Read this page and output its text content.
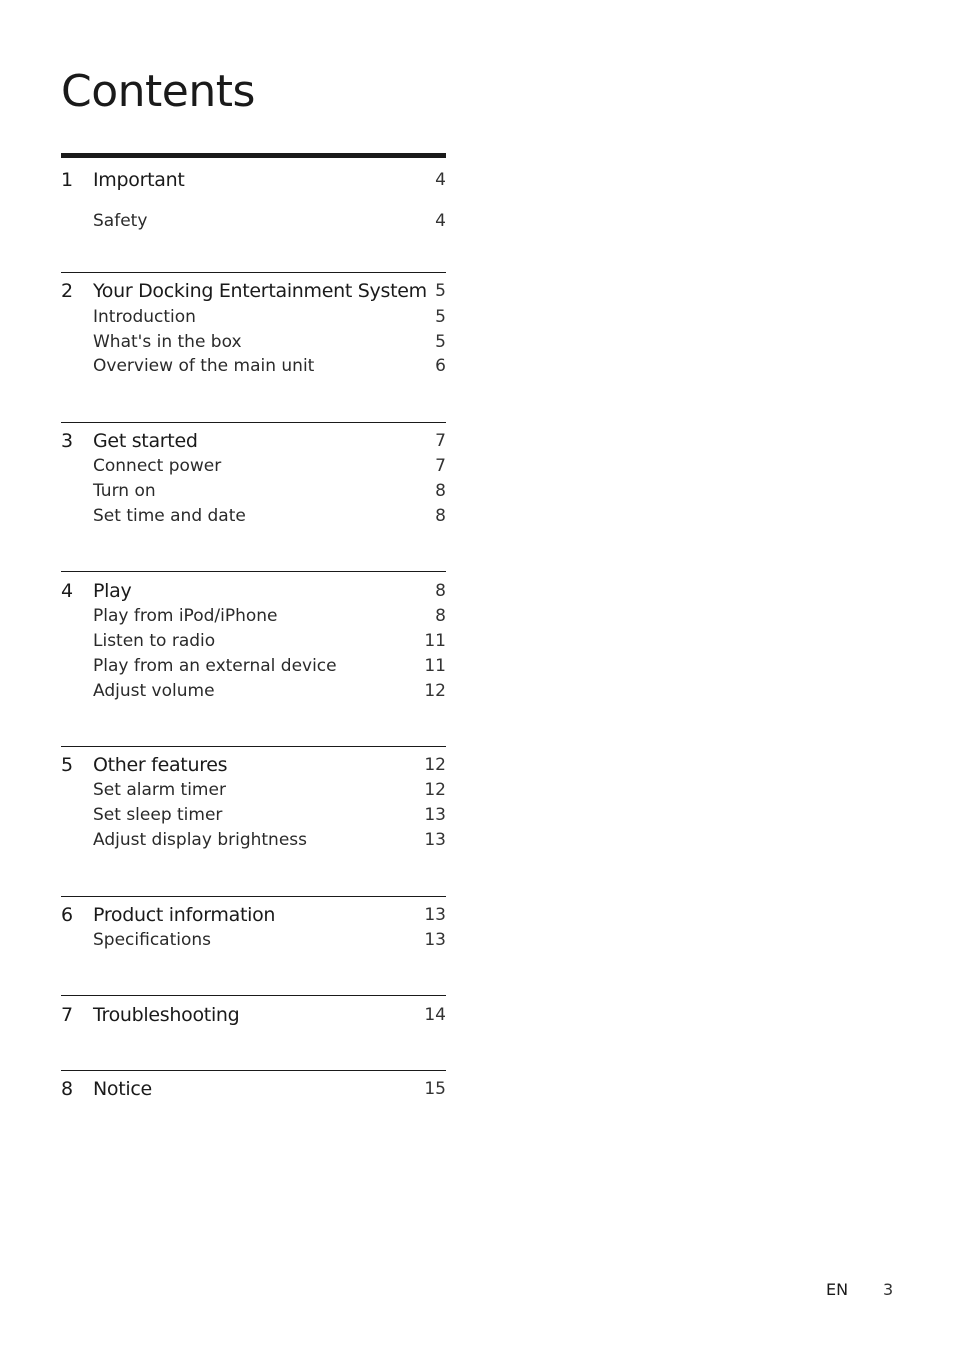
Contents
1 Important	4
Safety	4
2 Your Docking Entertainment System 5
Introduction	5
What's in the box	5
Overview of the main unit	6
3 Get started	7
Connect power	7
Turn on	8
Set time and date	8
4 Play	8
Play from iPod/iPhone	8
Listen to radio	11
Play from an external device	11
Adjust volume	12
5 Other features	12
Set alarm timer	12
Set sleep timer	13
Adjust display brightness	13
6 Product information	13
Specifications	13
7 Troubleshooting	14
8 Notice	15
EN 3
